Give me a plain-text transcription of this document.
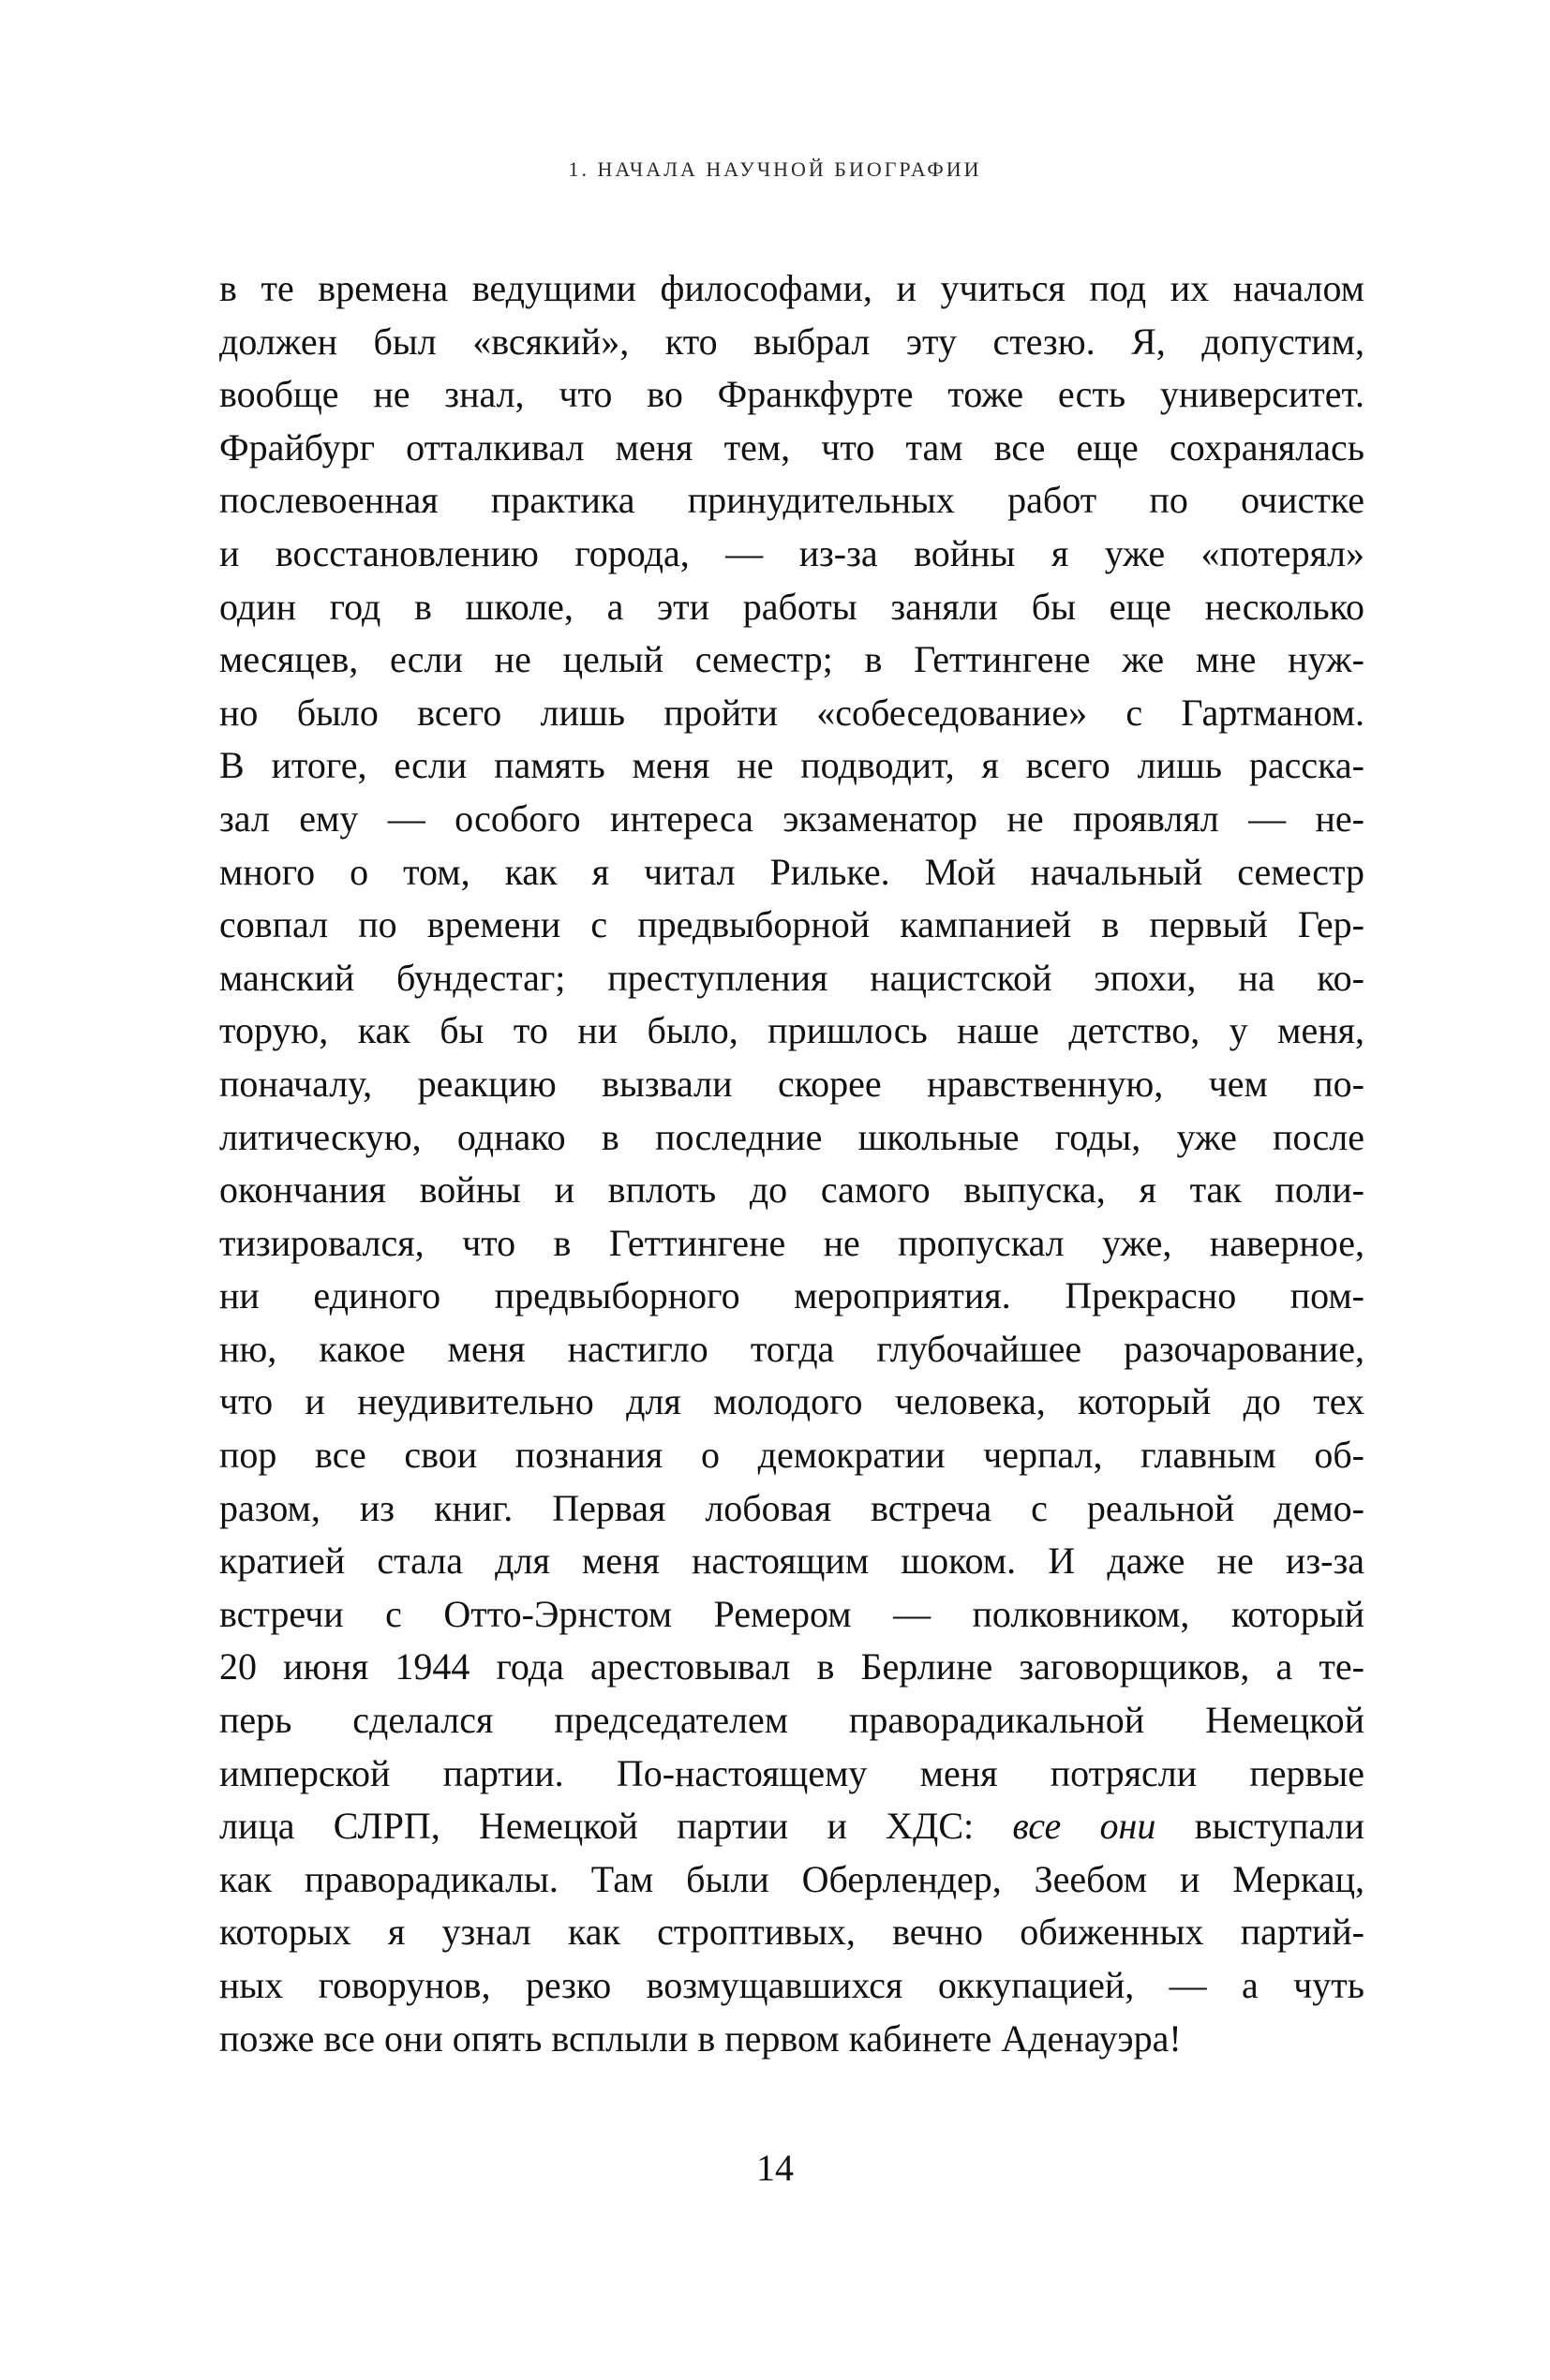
1. НАЧАЛА НАУЧНОЙ БИОГРАФИИ
в те времена ведущими философами, и учиться под их началом
должен был «всякий», кто выбрал эту стезю. Я, допустим,
вообще не знал, что во Франкфурте тоже есть университет.
Фрайбург отталкивал меня тем, что там все еще сохранялась
послевоенная практика принудительных работ по очистке
и восстановлению города, — из-за войны я уже «потерял»
один год в школе, а эти работы заняли бы еще несколько
месяцев, если не целый семестр; в Геттингене же мне нуж-
но было всего лишь пройти «собеседование» с Гартманом.
В итоге, если память меня не подводит, я всего лишь расска-
зал ему — особого интереса экзаменатор не проявлял — не-
много о том, как я читал Рильке. Мой начальный семестр
совпал по времени с предвыборной кампанией в первый Гер-
манский бундестаг; преступления нацистской эпохи, на ко-
торую, как бы то ни было, пришлось наше детство, у меня,
поначалу, реакцию вызвали скорее нравственную, чем по-
литическую, однако в последние школьные годы, уже после
окончания войны и вплоть до самого выпуска, я так поли-
тизировался, что в Геттингене не пропускал уже, наверное,
ни единого предвыборного мероприятия. Прекрасно пом-
ню, какое меня настигло тогда глубочайшее разочарование,
что и неудивительно для молодого человека, который до тех
пор все свои познания о демократии черпал, главным об-
разом, из книг. Первая лобовая встреча с реальной демо-
кратией стала для меня настоящим шоком. И даже не из-за
встречи с Отто-Эрнстом Ремером — полковником, который
20 июня 1944 года арестовывал в Берлине заговорщиков, а те-
перь сделался председателем праворадикальной Немецкой
имперской партии. По-настоящему меня потрясли первые
лица СЛРП, Немецкой партии и ХДС: все они выступали
как праворадикалы. Там были Оберлендер, Зеебом и Меркац,
которых я узнал как строптивых, вечно обиженных партий-
ных говорунов, резко возмущавшихся оккупацией, — а чуть
позже все они опять всплыли в первом кабинете Аденауэра!
14
